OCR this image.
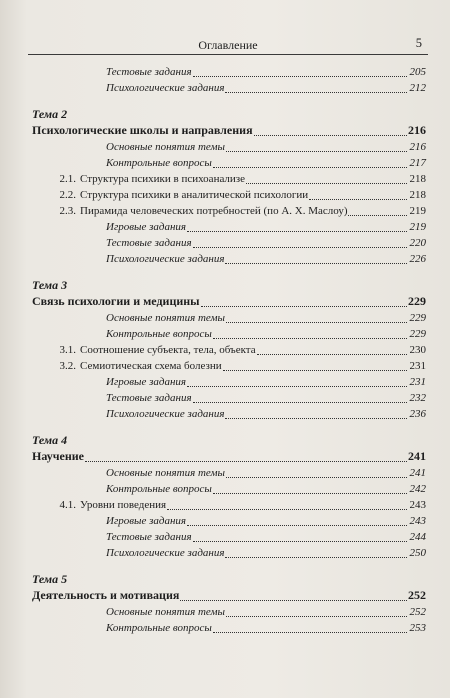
Оглавление	5
Тестовые задания	205
Психологические задания	212
Тема 2
Психологические школы и направления	216
Основные понятия темы	216
Контрольные вопросы	217
2.1. Структура психики в психоанализе	218
2.2. Структура психики в аналитической психологии	218
2.3. Пирамида человеческих потребностей (по А. Х. Маслоу)	219
Игровые задания	219
Тестовые задания	220
Психологические задания	226
Тема 3
Связь психологии и медицины	229
Основные понятия темы	229
Контрольные вопросы	229
3.1. Соотношение субъекта, тела, объекта	230
3.2. Семиотическая схема болезни	231
Игровые задания	231
Тестовые задания	232
Психологические задания	236
Тема 4
Научение	241
Основные понятия темы	241
Контрольные вопросы	242
4.1. Уровни поведения	243
Игровые задания	243
Тестовые задания	244
Психологические задания	250
Тема 5
Деятельность и мотивация	252
Основные понятия темы	252
Контрольные вопросы	253
